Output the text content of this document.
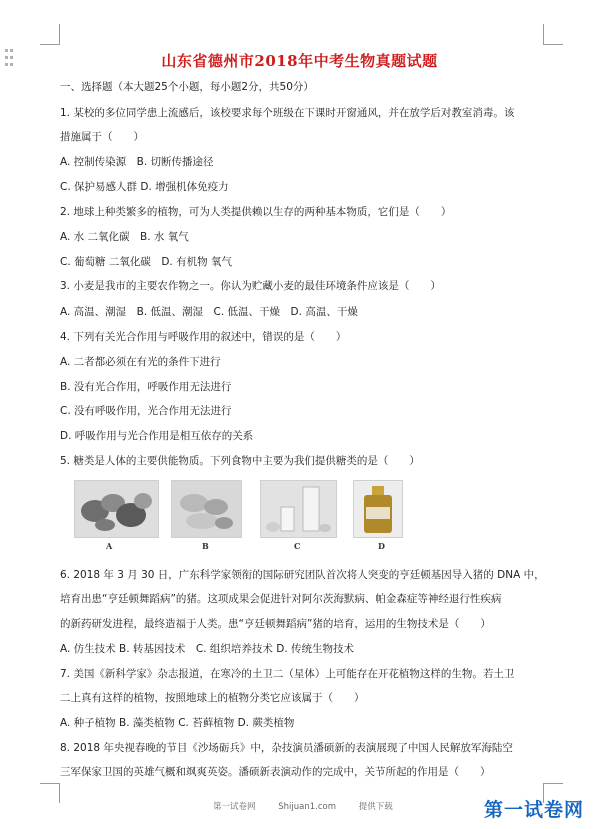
山东省德州市2018年中考生物真题试题
一、选择题（本大题25个小题，每小题2分，共50分）
1. 某校的多位同学患上流感后，该校要求每个班级在下课时开窗通风，并在放学后对教室消毒。该
措施属于（　　）
A. 控制传染源　B. 切断传播途径
C. 保护易感人群 D. 增强机体免疫力
2. 地球上种类繁多的植物，可为人类提供赖以生存的两种基本物质，它们是（　　）
A. 水 二氧化碳　B. 水 氧气
C. 葡萄糖 二氧化碳　D. 有机物 氧气
3. 小麦是我市的主要农作物之一。你认为贮藏小麦的最佳环境条件应该是（　　）
A. 高温、潮湿　B. 低温、潮湿　C. 低温、干燥　D. 高温、干燥
4. 下列有关光合作用与呼吸作用的叙述中，错误的是（　　）
A. 二者都必须在有光的条件下进行
B. 没有光合作用，呼吸作用无法进行
C. 没有呼吸作用，光合作用无法进行
D. 呼吸作用与光合作用是相互依存的关系
5. 糖类是人体的主要供能物质。下列食物中主要为我们提供糖类的是（　　）
A	B	C	D
6. 2018 年 3 月 30 日，广东科学家领衔的国际研究团队首次将人突变的亨廷顿基因导入猪的 DNA 中，
培育出患“亨廷顿舞蹈病”的猪。这项成果会促进针对阿尔茨海默病、帕金森症等神经退行性疾病
的新药研发进程，最终造福于人类。患“亨廷顿舞蹈病”猪的培育，运用的生物技术是（　　）
A. 仿生技术 B. 转基因技术　C. 组织培养技术 D. 传统生物技术
7. 美国《新科学家》杂志报道，在寒冷的土卫二（星体）上可能存在开花植物这样的生物。若土卫
二上真有这样的植物，按照地球上的植物分类它应该属于（　　）
A. 种子植物 B. 藻类植物 C. 苔藓植物 D. 蕨类植物
8. 2018 年央视春晚的节目《沙场砺兵》中，杂技演员潘硕新的表演展现了中国人民解放军海陆空
三军保家卫国的英雄气概和飒爽英姿。潘硕新表演动作的完成中，关节所起的作用是（　　）
第一试卷网	Shijuan1.com	提供下载	第一试卷网
